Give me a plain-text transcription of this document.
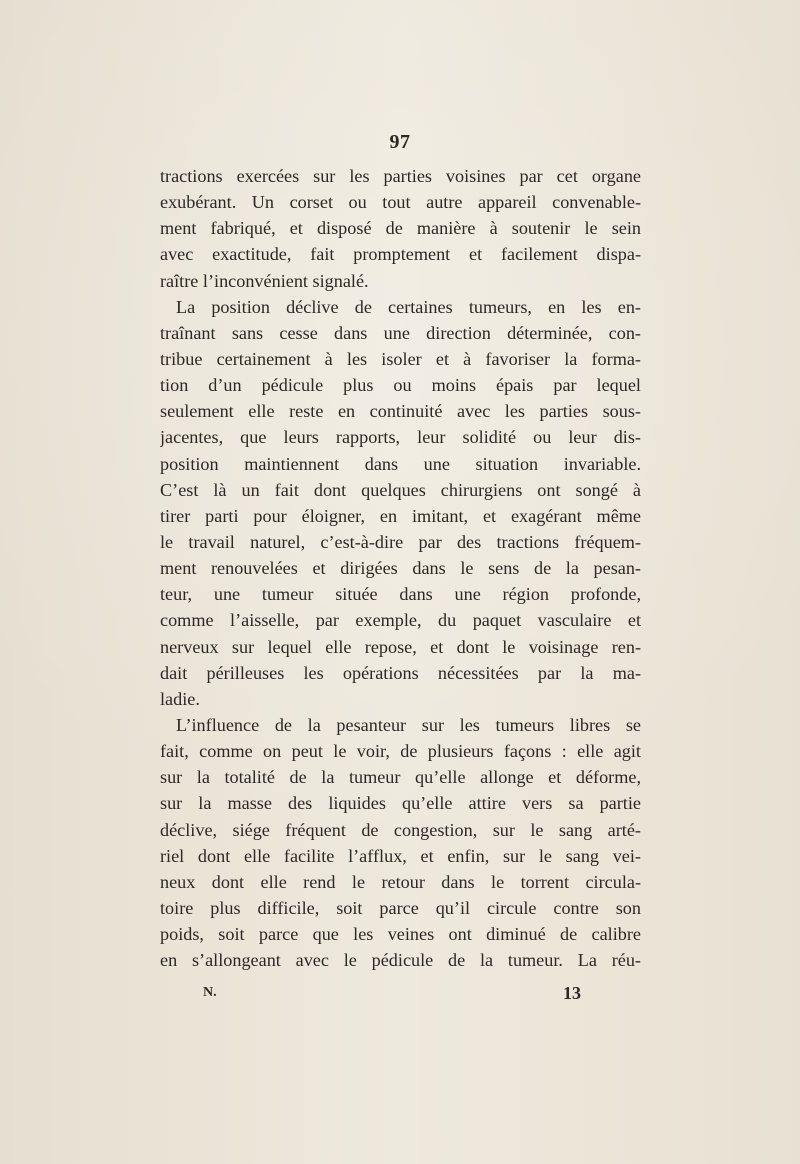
97
tractions exercées sur les parties voisines par cet organe
exubérant. Un corset ou tout autre appareil convenable-
ment fabriqué, et disposé de manière à soutenir le sein
avec exactitude, fait promptement et facilement dispa-
raître l’inconvénient signalé.
La position déclive de certaines tumeurs, en les en-
traînant sans cesse dans une direction déterminée, con-
tribue certainement à les isoler et à favoriser la forma-
tion d’un pédicule plus ou moins épais par lequel
seulement elle reste en continuité avec les parties sous-
jacentes, que leurs rapports, leur solidité ou leur dis-
position maintiennent dans une situation invariable.
C’est là un fait dont quelques chirurgiens ont songé à
tirer parti pour éloigner, en imitant, et exagérant même
le travail naturel, c’est-à-dire par des tractions fréquem-
ment renouvelées et dirigées dans le sens de la pesan-
teur, une tumeur située dans une région profonde,
comme l’aisselle, par exemple, du paquet vasculaire et
nerveux sur lequel elle repose, et dont le voisinage ren-
dait périlleuses les opérations nécessitées par la ma-
ladie.
L’influence de la pesanteur sur les tumeurs libres se
fait, comme on peut le voir, de plusieurs façons : elle agit
sur la totalité de la tumeur qu’elle allonge et déforme,
sur la masse des liquides qu’elle attire vers sa partie
déclive, siége fréquent de congestion, sur le sang arté-
riel dont elle facilite l’afflux, et enfin, sur le sang vei-
neux dont elle rend le retour dans le torrent circula-
toire plus difficile, soit parce qu’il circule contre son
poids, soit parce que les veines ont diminué de calibre
en s’allongeant avec le pédicule de la tumeur. La réu-
N.	13
